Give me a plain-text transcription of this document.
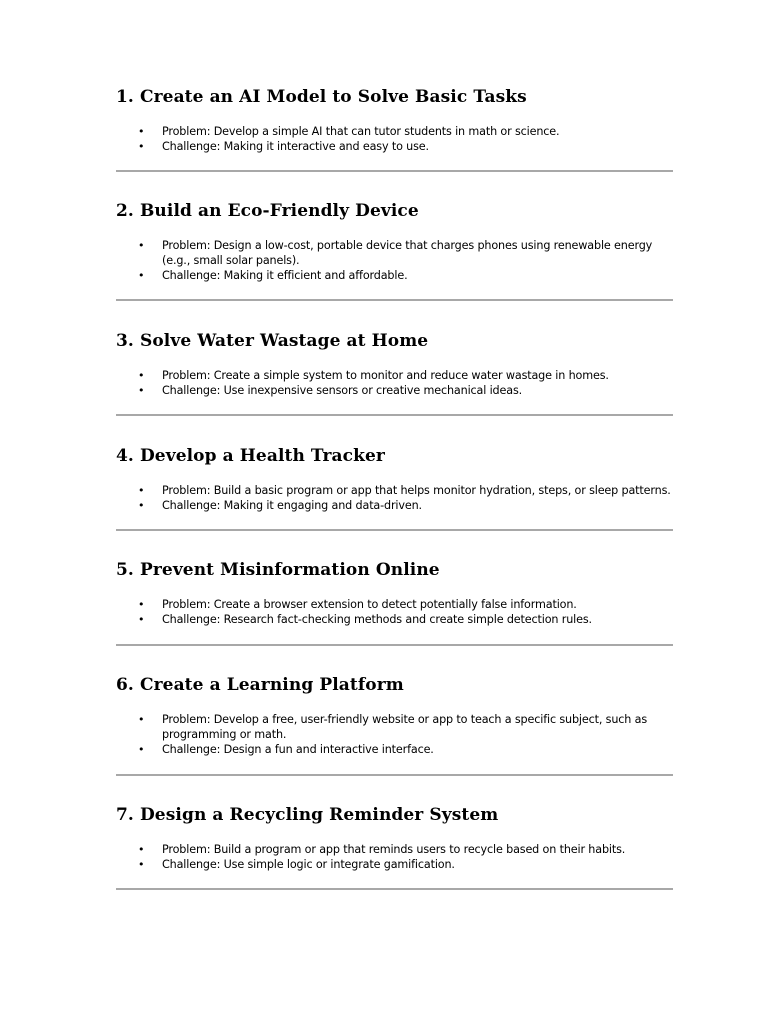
1. Create an AI Model to Solve Basic Tasks
• Problem: Develop a simple AI that can tutor students in math or science.
• Challenge: Making it interactive and easy to use.
2. Build an Eco-Friendly Device
• Problem: Design a low-cost, portable device that charges phones using renewable energy
(e.g., small solar panels).
• Challenge: Making it efficient and affordable.
3. Solve Water Wastage at Home
• Problem: Create a simple system to monitor and reduce water wastage in homes.
• Challenge: Use inexpensive sensors or creative mechanical ideas.
4. Develop a Health Tracker
• Problem: Build a basic program or app that helps monitor hydration, steps, or sleep patterns.
• Challenge: Making it engaging and data-driven.
5. Prevent Misinformation Online
• Problem: Create a browser extension to detect potentially false information.
• Challenge: Research fact-checking methods and create simple detection rules.
6. Create a Learning Platform
• Problem: Develop a free, user-friendly website or app to teach a specific subject, such as
programming or math.
• Challenge: Design a fun and interactive interface.
7. Design a Recycling Reminder System
• Problem: Build a program or app that reminds users to recycle based on their habits.
• Challenge: Use simple logic or integrate gamification.
